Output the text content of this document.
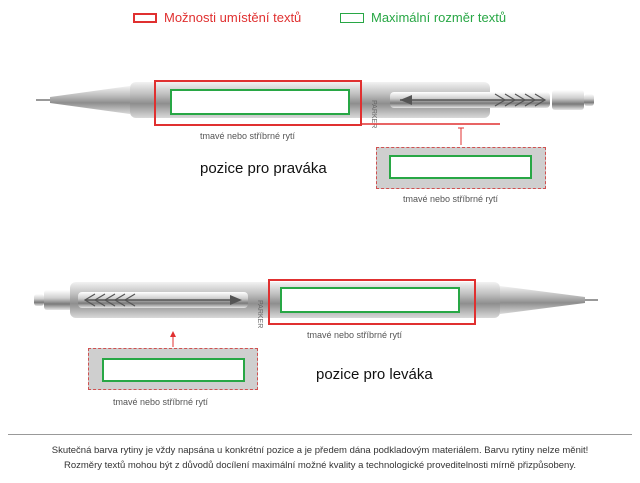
Možnosti umístění textů	Maximální rozměr textů
PARKER
tmavé nebo stříbrné rytí
pozice pro praváka
tmavé nebo stříbrné rytí
PARKER
tmavé nebo stříbrné rytí
pozice pro leváka
tmavé nebo stříbrné rytí
Skutečná barva rytiny je vždy napsána u konkrétní pozice a je předem dána podkladovým materiálem. Barvu rytiny nelze měnit!
Rozměry textů mohou být z důvodů docílení maximální možné kvality a technologické proveditelnosti mírně přizpůsobeny.
